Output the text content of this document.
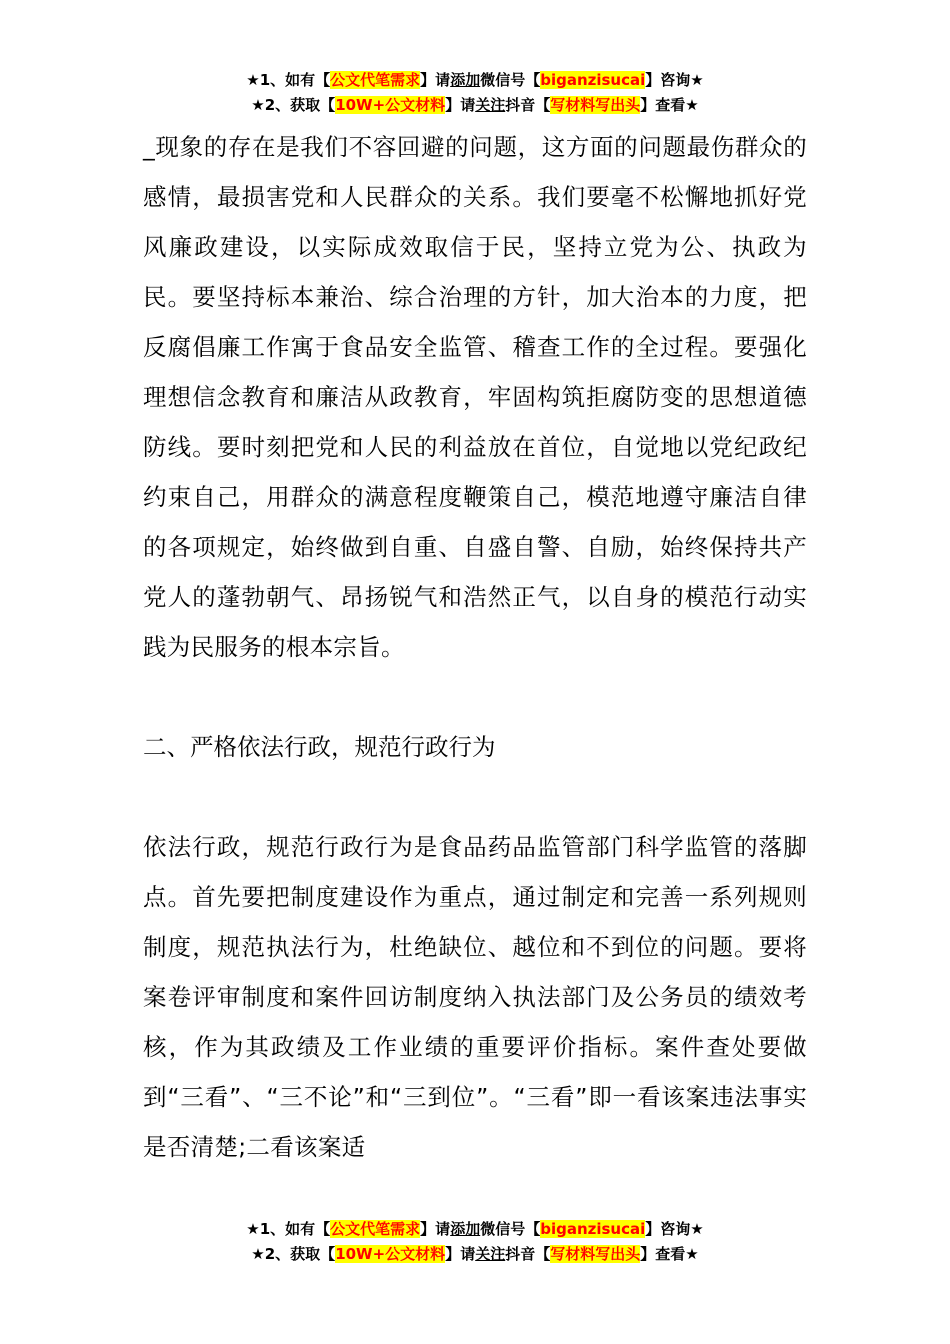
★1、如有【公文代笔需求】请添加微信号【biganzisucai】咨询★
★2、获取【10W+公文材料】请关注抖音【写材料写出头】查看★

_现象的存在是我们不容回避的问题，这方面的问题最伤群众的感情，最损害党和人民群众的关系。我们要毫不松懈地抓好党风廉政建设，以实际成效取信于民，坚持立党为公、执政为民。要坚持标本兼治、综合治理的方针，加大治本的力度，把反腐倡廉工作寓于食品安全监管、稽查工作的全过程。要强化理想信念教育和廉洁从政教育，牢固构筑拒腐防变的思想道德防线。要时刻把党和人民的利益放在首位，自觉地以党纪政纪约束自己，用群众的满意程度鞭策自己，模范地遵守廉洁自律的各项规定，始终做到自重、自盛自警、自励，始终保持共产党人的蓬勃朝气、昂扬锐气和浩然正气，以自身的模范行动实践为民服务的根本宗旨。

二、严格依法行政，规范行政行为

依法行政，规范行政行为是食品药品监管部门科学监管的落脚点。首先要把制度建设作为重点，通过制定和完善一系列规则制度，规范执法行为，杜绝缺位、越位和不到位的问题。要将案卷评审制度和案件回访制度纳入执法部门及公务员的绩效考核，作为其政绩及工作业绩的重要评价指标。案件查处要做到“三看”、“三不论”和“三到位”。“三看”即一看该案违法事实是否清楚;二看该案适

★1、如有【公文代笔需求】请添加微信号【biganzisucai】咨询★
★2、获取【10W+公文材料】请关注抖音【写材料写出头】查看★
